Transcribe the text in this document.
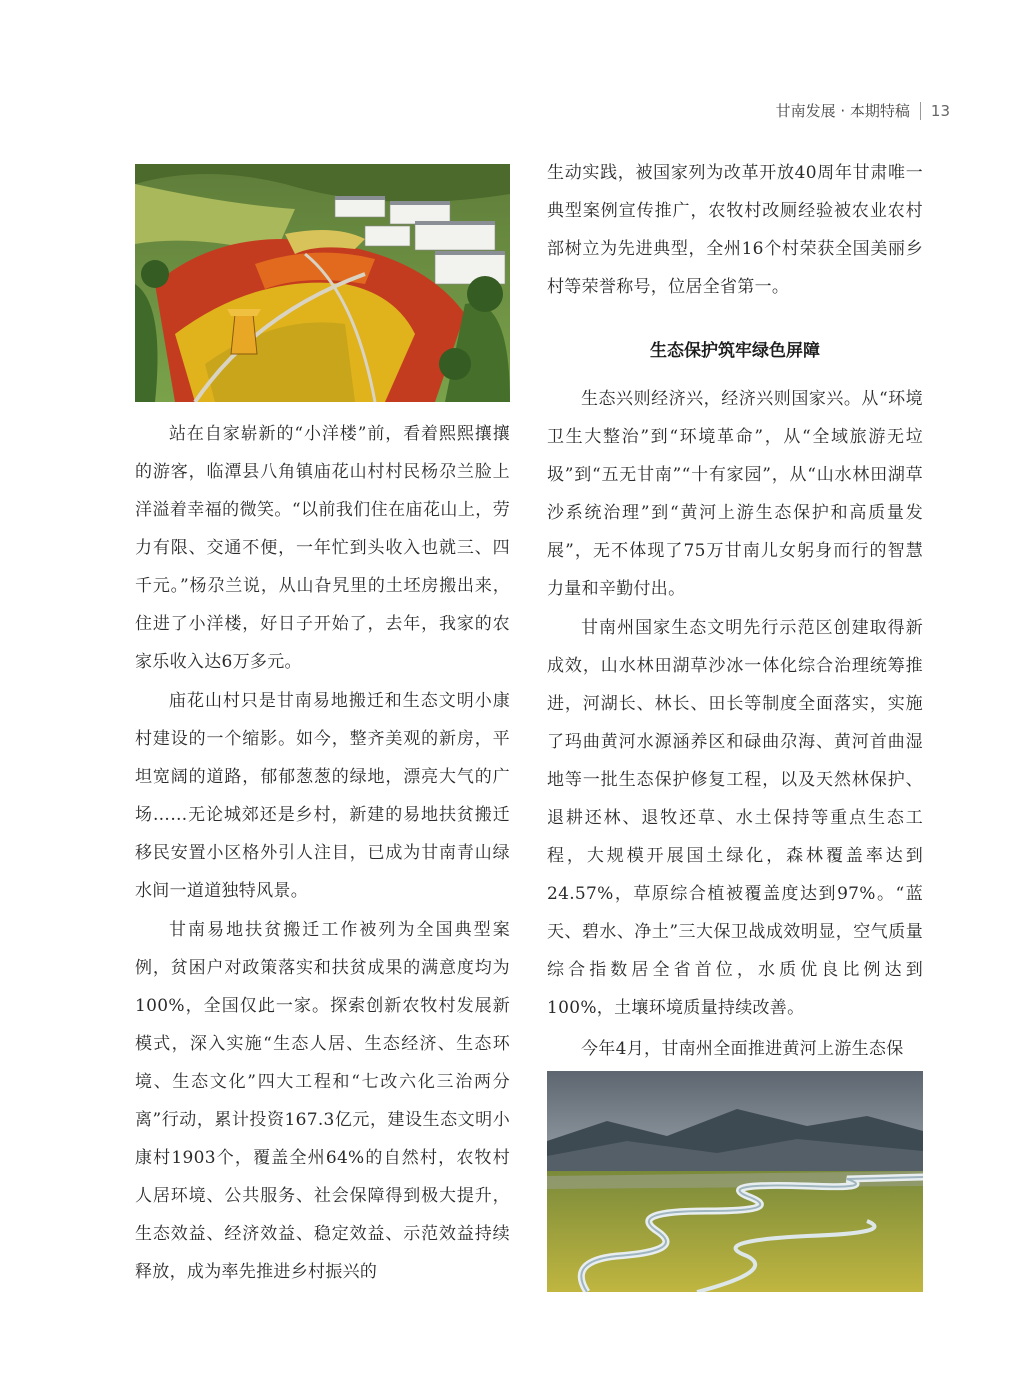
甘南发展 · 本期特稿 13

站在自家崭新的“小洋楼”前，看着熙熙攘攘的游客，临潭县八角镇庙花山村村民杨尕兰脸上洋溢着幸福的微笑。“以前我们住在庙花山上，劳力有限、交通不便，一年忙到头收入也就三、四千元。”杨尕兰说，从山旮旯里的土坯房搬出来，住进了小洋楼，好日子开始了，去年，我家的农家乐收入达6万多元。

庙花山村只是甘南易地搬迁和生态文明小康村建设的一个缩影。如今，整齐美观的新房，平坦宽阔的道路，郁郁葱葱的绿地，漂亮大气的广场……无论城郊还是乡村，新建的易地扶贫搬迁移民安置小区格外引人注目，已成为甘南青山绿水间一道道独特风景。

甘南易地扶贫搬迁工作被列为全国典型案例，贫困户对政策落实和扶贫成果的满意度均为100%，全国仅此一家。探索创新农牧村发展新模式，深入实施“生态人居、生态经济、生态环境、生态文化”四大工程和“七改六化三治两分离”行动，累计投资167.3亿元，建设生态文明小康村1903个，覆盖全州64%的自然村，农牧村人居环境、公共服务、社会保障得到极大提升，生态效益、经济效益、稳定效益、示范效益持续释放，成为率先推进乡村振兴的

生动实践，被国家列为改革开放40周年甘肃唯一典型案例宣传推广，农牧村改厕经验被农业农村部树立为先进典型，全州16个村荣获全国美丽乡村等荣誉称号，位居全省第一。

生态保护筑牢绿色屏障

生态兴则经济兴，经济兴则国家兴。从“环境卫生大整治”到“环境革命”，从“全域旅游无垃圾”到“五无甘南”“十有家园”，从“山水林田湖草沙系统治理”到“黄河上游生态保护和高质量发展”，无不体现了75万甘南儿女躬身而行的智慧力量和辛勤付出。

甘南州国家生态文明先行示范区创建取得新成效，山水林田湖草沙冰一体化综合治理统筹推进，河湖长、林长、田长等制度全面落实，实施了玛曲黄河水源涵养区和碌曲尕海、黄河首曲湿地等一批生态保护修复工程，以及天然林保护、退耕还林、退牧还草、水土保持等重点生态工程，大规模开展国土绿化，森林覆盖率达到24.57%，草原综合植被覆盖度达到97%。“蓝天、碧水、净土”三大保卫战成效明显，空气质量综合指数居全省首位，水质优良比例达到100%，土壤环境质量持续改善。

今年4月，甘南州全面推进黄河上游生态保
